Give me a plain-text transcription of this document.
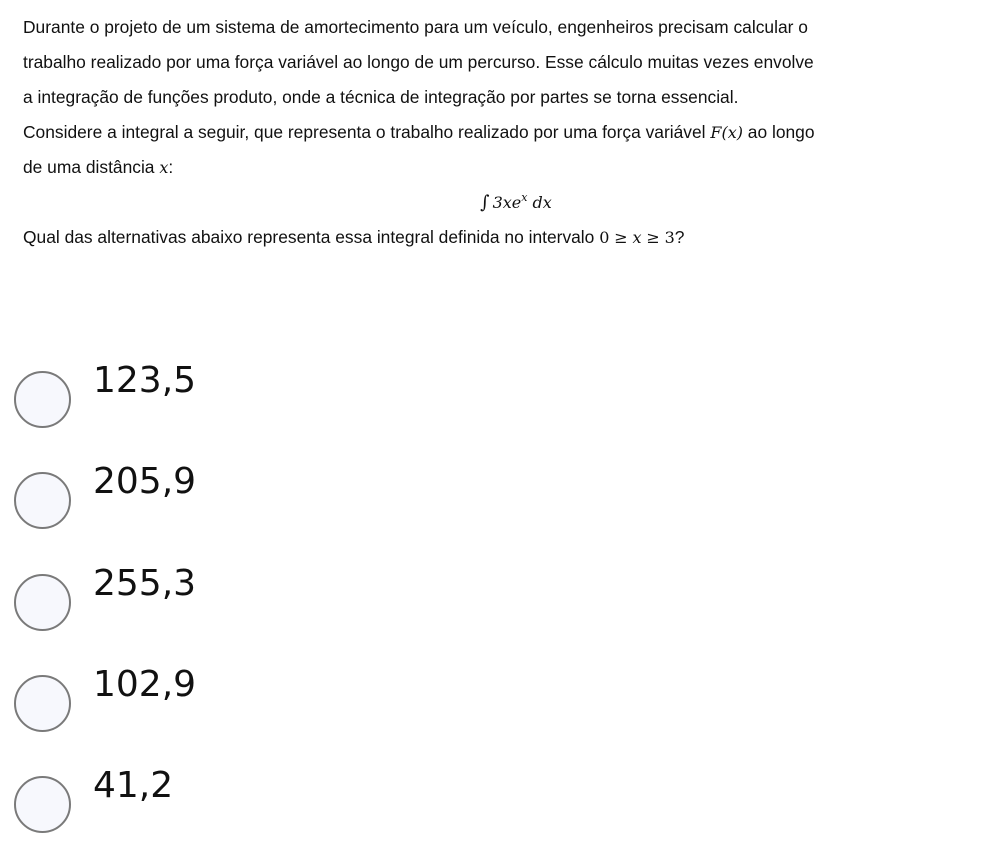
Durante o projeto de um sistema de amortecimento para um veículo, engenheiros precisam calcular o
trabalho realizado por uma força variável ao longo de um percurso. Esse cálculo muitas vezes envolve
a integração de funções produto, onde a técnica de integração por partes se torna essencial.
Considere a integral a seguir, que representa o trabalho realizado por uma força variável F(x) ao longo
de uma distância x:
∫ $3xe^x$ dx
Qual das alternativas abaixo representa essa integral definida no intervalo 0 ≥ x ≥ 3?
123,5
205,9
255,3
102,9
41,2
